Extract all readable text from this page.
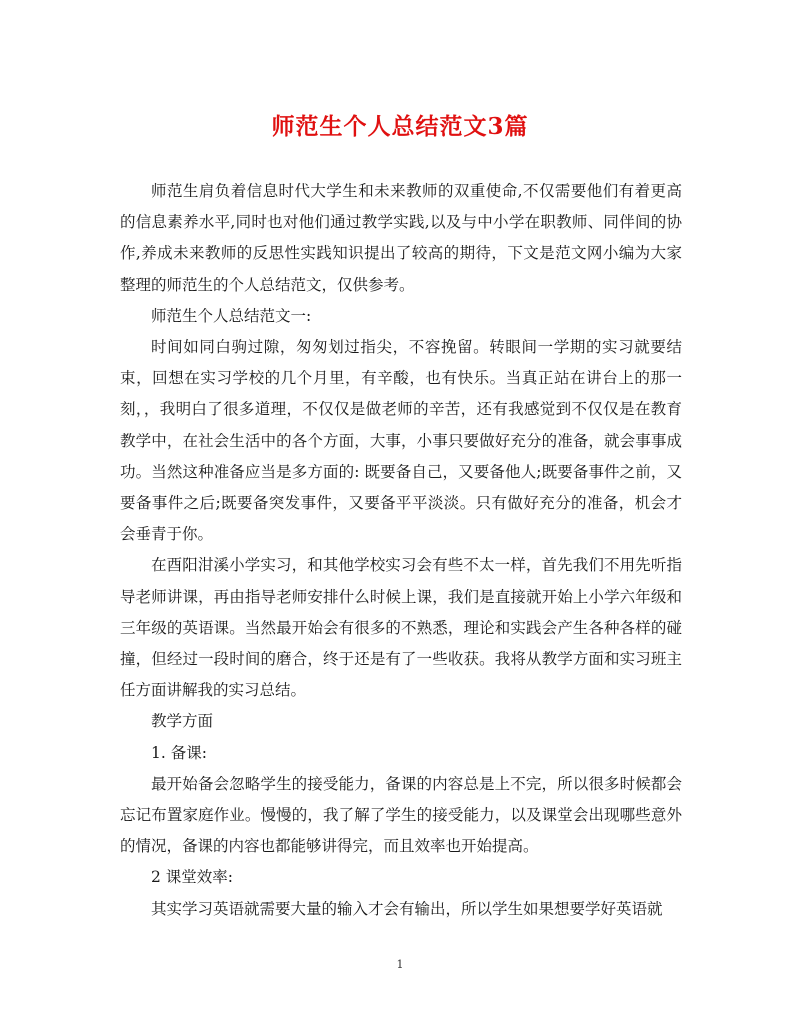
师范生个人总结范文3篇

师范生肩负着信息时代大学生和未来教师的双重使命,不仅需要他们有着更高的信息素养水平,同时也对他们通过教学实践,以及与中小学在职教师、同伴间的协作,养成未来教师的反思性实践知识提出了较高的期待，下文是范文网小编为大家整理的师范生的个人总结范文，仅供参考。

师范生个人总结范文一:

时间如同白驹过隙，匆匆划过指尖，不容挽留。转眼间一学期的实习就要结束，回想在实习学校的几个月里，有辛酸，也有快乐。当真正站在讲台上的那一刻，，我明白了很多道理，不仅仅是做老师的辛苦，还有我感觉到不仅仅是在教育教学中，在社会生活中的各个方面，大事，小事只要做好充分的准备，就会事事成功。当然这种准备应当是多方面的: 既要备自己，又要备他人;既要备事件之前，又要备事件之后;既要备突发事件，又要备平平淡淡。只有做好充分的准备，机会才会垂青于你。

在酉阳泔溪小学实习，和其他学校实习会有些不太一样，首先我们不用先听指导老师讲课，再由指导老师安排什么时候上课，我们是直接就开始上小学六年级和三年级的英语课。当然最开始会有很多的不熟悉，理论和实践会产生各种各样的碰撞，但经过一段时间的磨合，终于还是有了一些收获。我将从教学方面和实习班主任方面讲解我的实习总结。

教学方面

1. 备课:

最开始备会忽略学生的接受能力，备课的内容总是上不完，所以很多时候都会忘记布置家庭作业。慢慢的，我了解了学生的接受能力，以及课堂会出现哪些意外的情况，备课的内容也都能够讲得完，而且效率也开始提高。

2 课堂效率:

其实学习英语就需要大量的输入才会有输出，所以学生如果想要学好英语就

1
